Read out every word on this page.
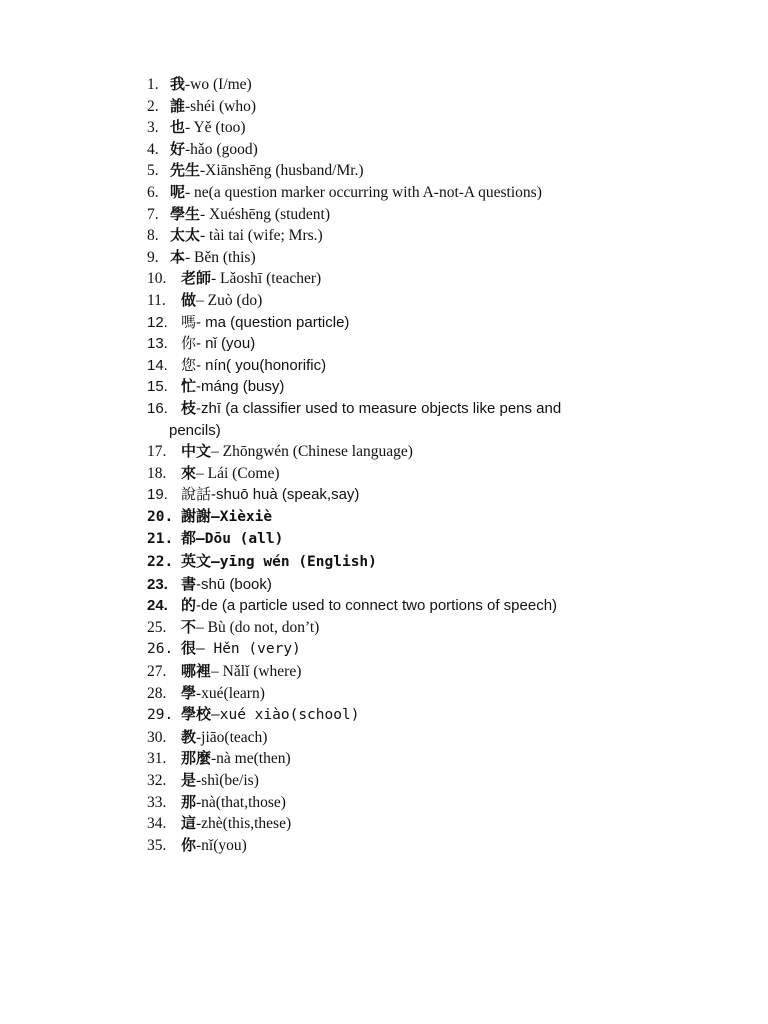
1. 我 -wo (I/me)
2. 誰 -shéi (who)
3. 也 - Yě (too)
4. 好 -hǎo (good)
5. 先生 -Xiānshēng (husband/Mr.)
6. 呢 - ne(a question marker occurring with A-not-A questions)
7. 學生 - Xuéshēng (student)
8. 太太 - tài tai (wife; Mrs.)
9. 本 - Běn (this)
10. 老師 - Lǎoshī (teacher)
11.	做 – Zuò (do)
12. 嗎 - ma (question particle)
13. 你 - nǐ (you)
14. 您 - nín( you(honorific)
15. 忙 -máng (busy)
16. 枝 -zhī (a classifier used to measure objects like pens and
pencils)
17. 中文 – Zhōngwén (Chinese language)
18. 來 – Lái (Come)
19. 說話 -shuō huà (speak,say)
20. 謝謝 –Xièxiè
21. 都 –Dōu (all)
22. 英文 –yīng wén (English)
23. 書 -shū (book)
24. 的 -de (a particle used to connect two portions of speech)
25. 不 – Bù (do not, don’t)
26. 很 – Hěn (very)
27. 哪裡 – Nǎlǐ (where)
28. 學 -xué(learn)
29. 學校 –xué xiào(school)
30. 教 -jiāo(teach)
31. 那麼 -nà me(then)
32. 是 -shì(be/is)
33. 那 -nà(that,those)
34. 這 -zhè(this,these)
35. 你 -nǐ(you)
